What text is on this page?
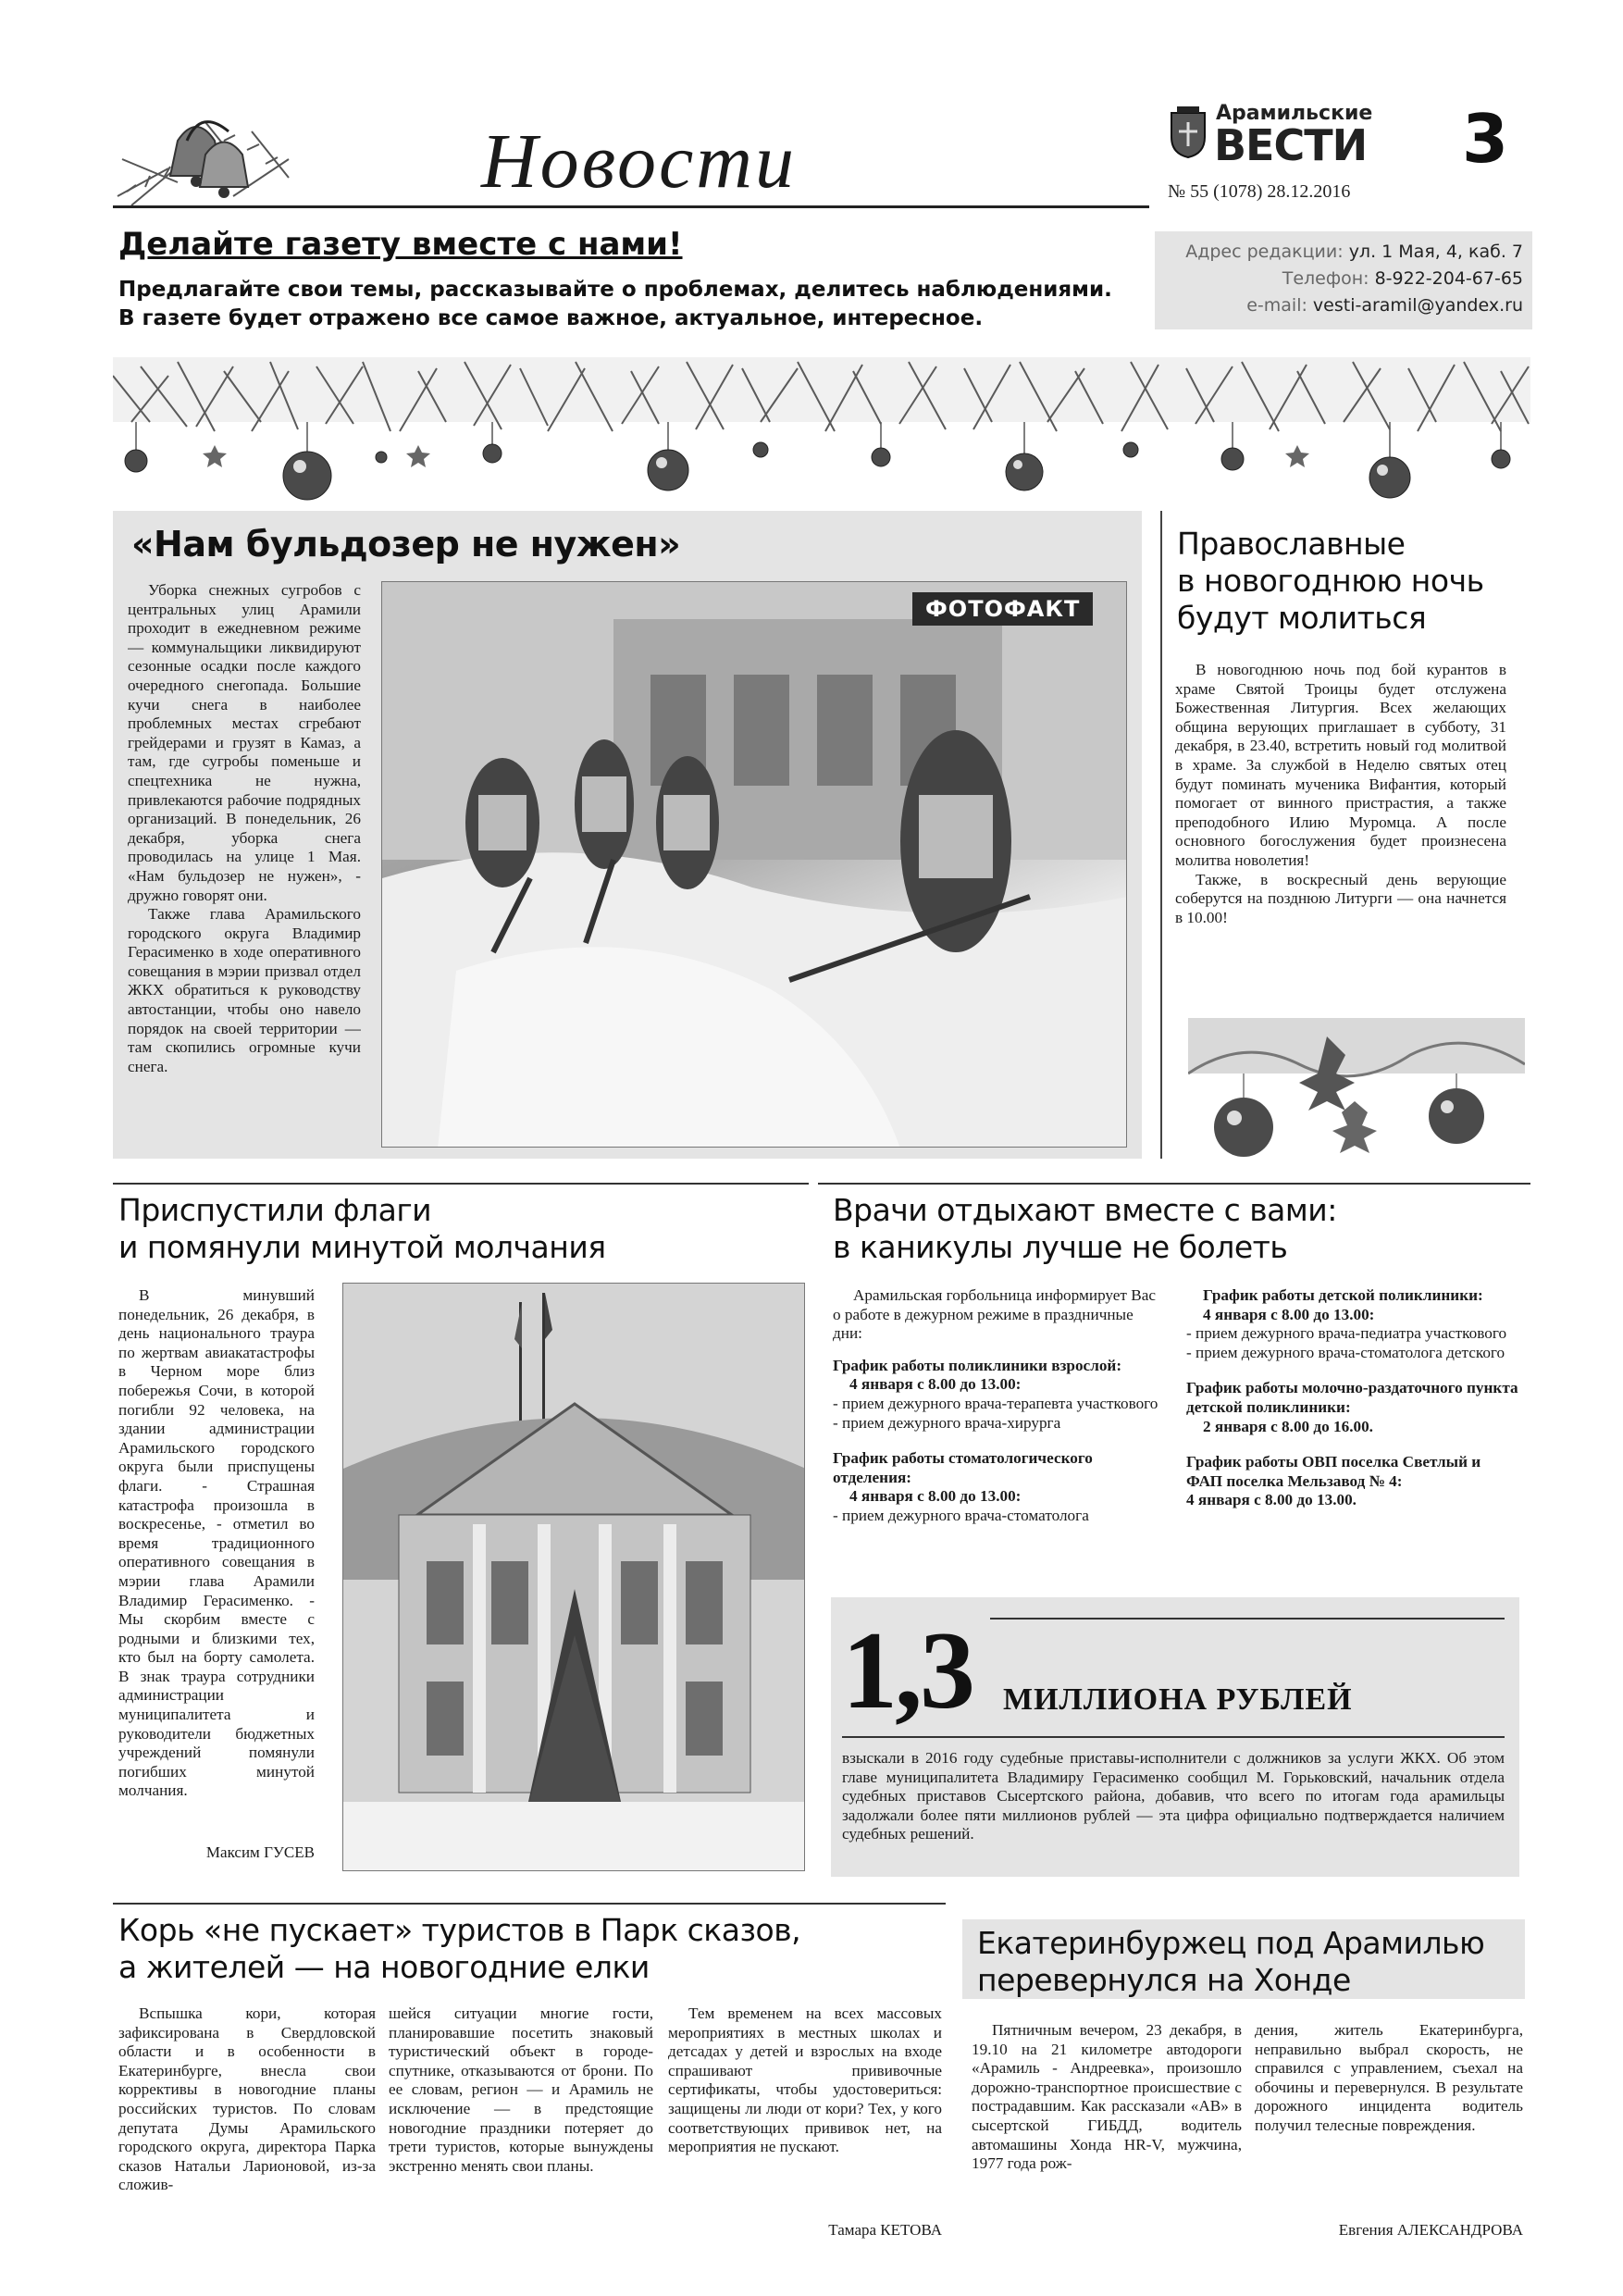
Новости
Арамильские
ВЕСТИ 3
№ 55 (1078) 28.12.2016
Делайте газету вместе с нами!
Предлагайте свои темы, рассказывайте о проблемах, делитесь наблюдениями.
В газете будет отражено все самое важное, актуальное, интересное.
Адрес редакции: ул. 1 Мая, 4, каб. 7
Телефон: 8-922-204-67-65
e-mail: vesti-aramil@yandex.ru
«Нам бульдозер не нужен»

Уборка снежных сугробов с центральных улиц Арамили проходит в ежедневном режиме — коммунальщики ликвидируют сезонные осадки после каждого очередного снегопада. Большие кучи снега в наиболее проблемных местах сгребают грейдерами и грузят в Камаз, а там, где сугробы поменьше и спецтехника не нужна, привлекаются рабочие подрядных организаций. В понедельник, 26 декабря, уборка снега проводилась на улице 1 Мая. «Нам бульдозер не нужен», - дружно говорят они.

Также глава Арамильского городского округа Владимир Герасименко в ходе оперативного совещания в мэрии призвал отдел ЖКХ обратиться к руководству автостанции, чтобы оно навело порядок на своей территории — там скопились огромные кучи снега.

ФОТОФАКТ
Православные
в новогоднюю ночь
будут молиться

В новогоднюю ночь под бой курантов в храме Святой Троицы будет отслужена Божественная Литургия. Всех желающих община верующих приглашает в субботу, 31 декабря, в 23.40, встретить новый год молитвой в храме. За службой в Неделю святых отец будут поминать мученика Вифантия, который помогает от винного пристрастия, а также преподобного Илию Муромца. А после основного богослужения будет произнесена молитва новолетия!

Также, в воскресный день верующие соберутся на позднюю Литурги — она начнется в 10.00!

Приспустили флаги
и помянули минутой молчания

В минувший понедельник, 26 декабря, в день национального траура по жертвам авиакатастрофы в Черном море близ побережья Сочи, в которой погибли 92 человека, на здании администрации Арамильского городского округа были приспущены флаги. - Страшная катастрофа произошла в воскресенье, - отметил во время традиционного оперативного совещания в мэрии глава Арамили Владимир Герасименко. - Мы скорбим вместе с родными и близкими тех, кто был на борту самолета. В знак траура сотрудники администрации муниципалитета и руководители бюджетных учреждений помянули погибших минутой молчания.

Максим ГУСЕВ
Врачи отдыхают вместе с вами:
в каникулы лучше не болеть

Арамильская горбольница информирует Вас о работе в дежурном режиме в праздничные дни:

График работы поликлиники взрослой:
4 января с 8.00 до 13.00:
- прием дежурного врача-терапевта участкового
- прием дежурного врача-хирурга
График работы стоматологического отделения:
4 января с 8.00 до 13.00:
- прием дежурного врача-стоматолога
График работы детской поликлиники:
4 января с 8.00 до 13.00:
- прием дежурного врача-педиатра участкового
- прием дежурного врача-стоматолога детского
График работы молочно-раздаточного пункта детской поликлиники:
2 января с 8.00 до 16.00.
График работы ОВП поселка Светлый и ФАП поселка Мельзавод № 4:
4 января с 8.00 до 13.00.
1,3 МИЛЛИОНА РУБЛЕЙ
взыскали в 2016 году судебные приставы-исполнители с должников за услуги ЖКХ. Об этом главе муниципалитета Владимиру Герасименко сообщил М. Горьковский, начальник отдела судебных приставов Сысертского района, добавив, что всего по итогам года арамильцы задолжали более пяти миллионов рублей — эта цифра официально подтверждается наличием судебных решений.
Корь «не пускает» туристов в Парк сказов,
а жителей — на новогодние елки

Вспышка кори, которая зафиксирована в Свердловской области и в особенности в Екатеринбурге, внесла свои коррективы в новогодние планы российских туристов. По словам депутата Думы Арамильского городского округа, директора Парка сказов Натальи Ларионовой, из-за сложив-

шейся ситуации многие гости, планировавшие посетить знаковый туристический объект в городе-спутнике, отказываются от брони. По ее словам, регион — и Арамиль не исключение — в предстоящие новогодние праздники потеряет до трети туристов, которые вынуждены экстренно менять свои планы.

Тем временем на всех массовых мероприятиях в местных школах и детсадах у детей и взрослых на входе спрашивают прививочные сертификаты, чтобы удостовериться: защищены ли люди от кори? Тех, у кого соответствующих прививок нет, на мероприятия не пускают.

Тамара КЕТОВА
Екатеринбуржец под Арамилью
перевернулся на Хонде

Пятничным вечером, 23 декабря, в 19.10 на 21 километре автодороги «Арамиль - Андреевка», произошло дорожно-транспортное происшествие с пострадавшим. Как рассказали «АВ» в сысертской ГИБДД, водитель автомашины Хонда HR-V, мужчина, 1977 года рож-

дения, житель Екатеринбурга, неправильно выбрал скорость, не справился с управлением, съехал на обочины и перевернулся. В результате дорожного инцидента водитель получил телесные повреждения.
Евгения АЛЕКСАНДРОВА
